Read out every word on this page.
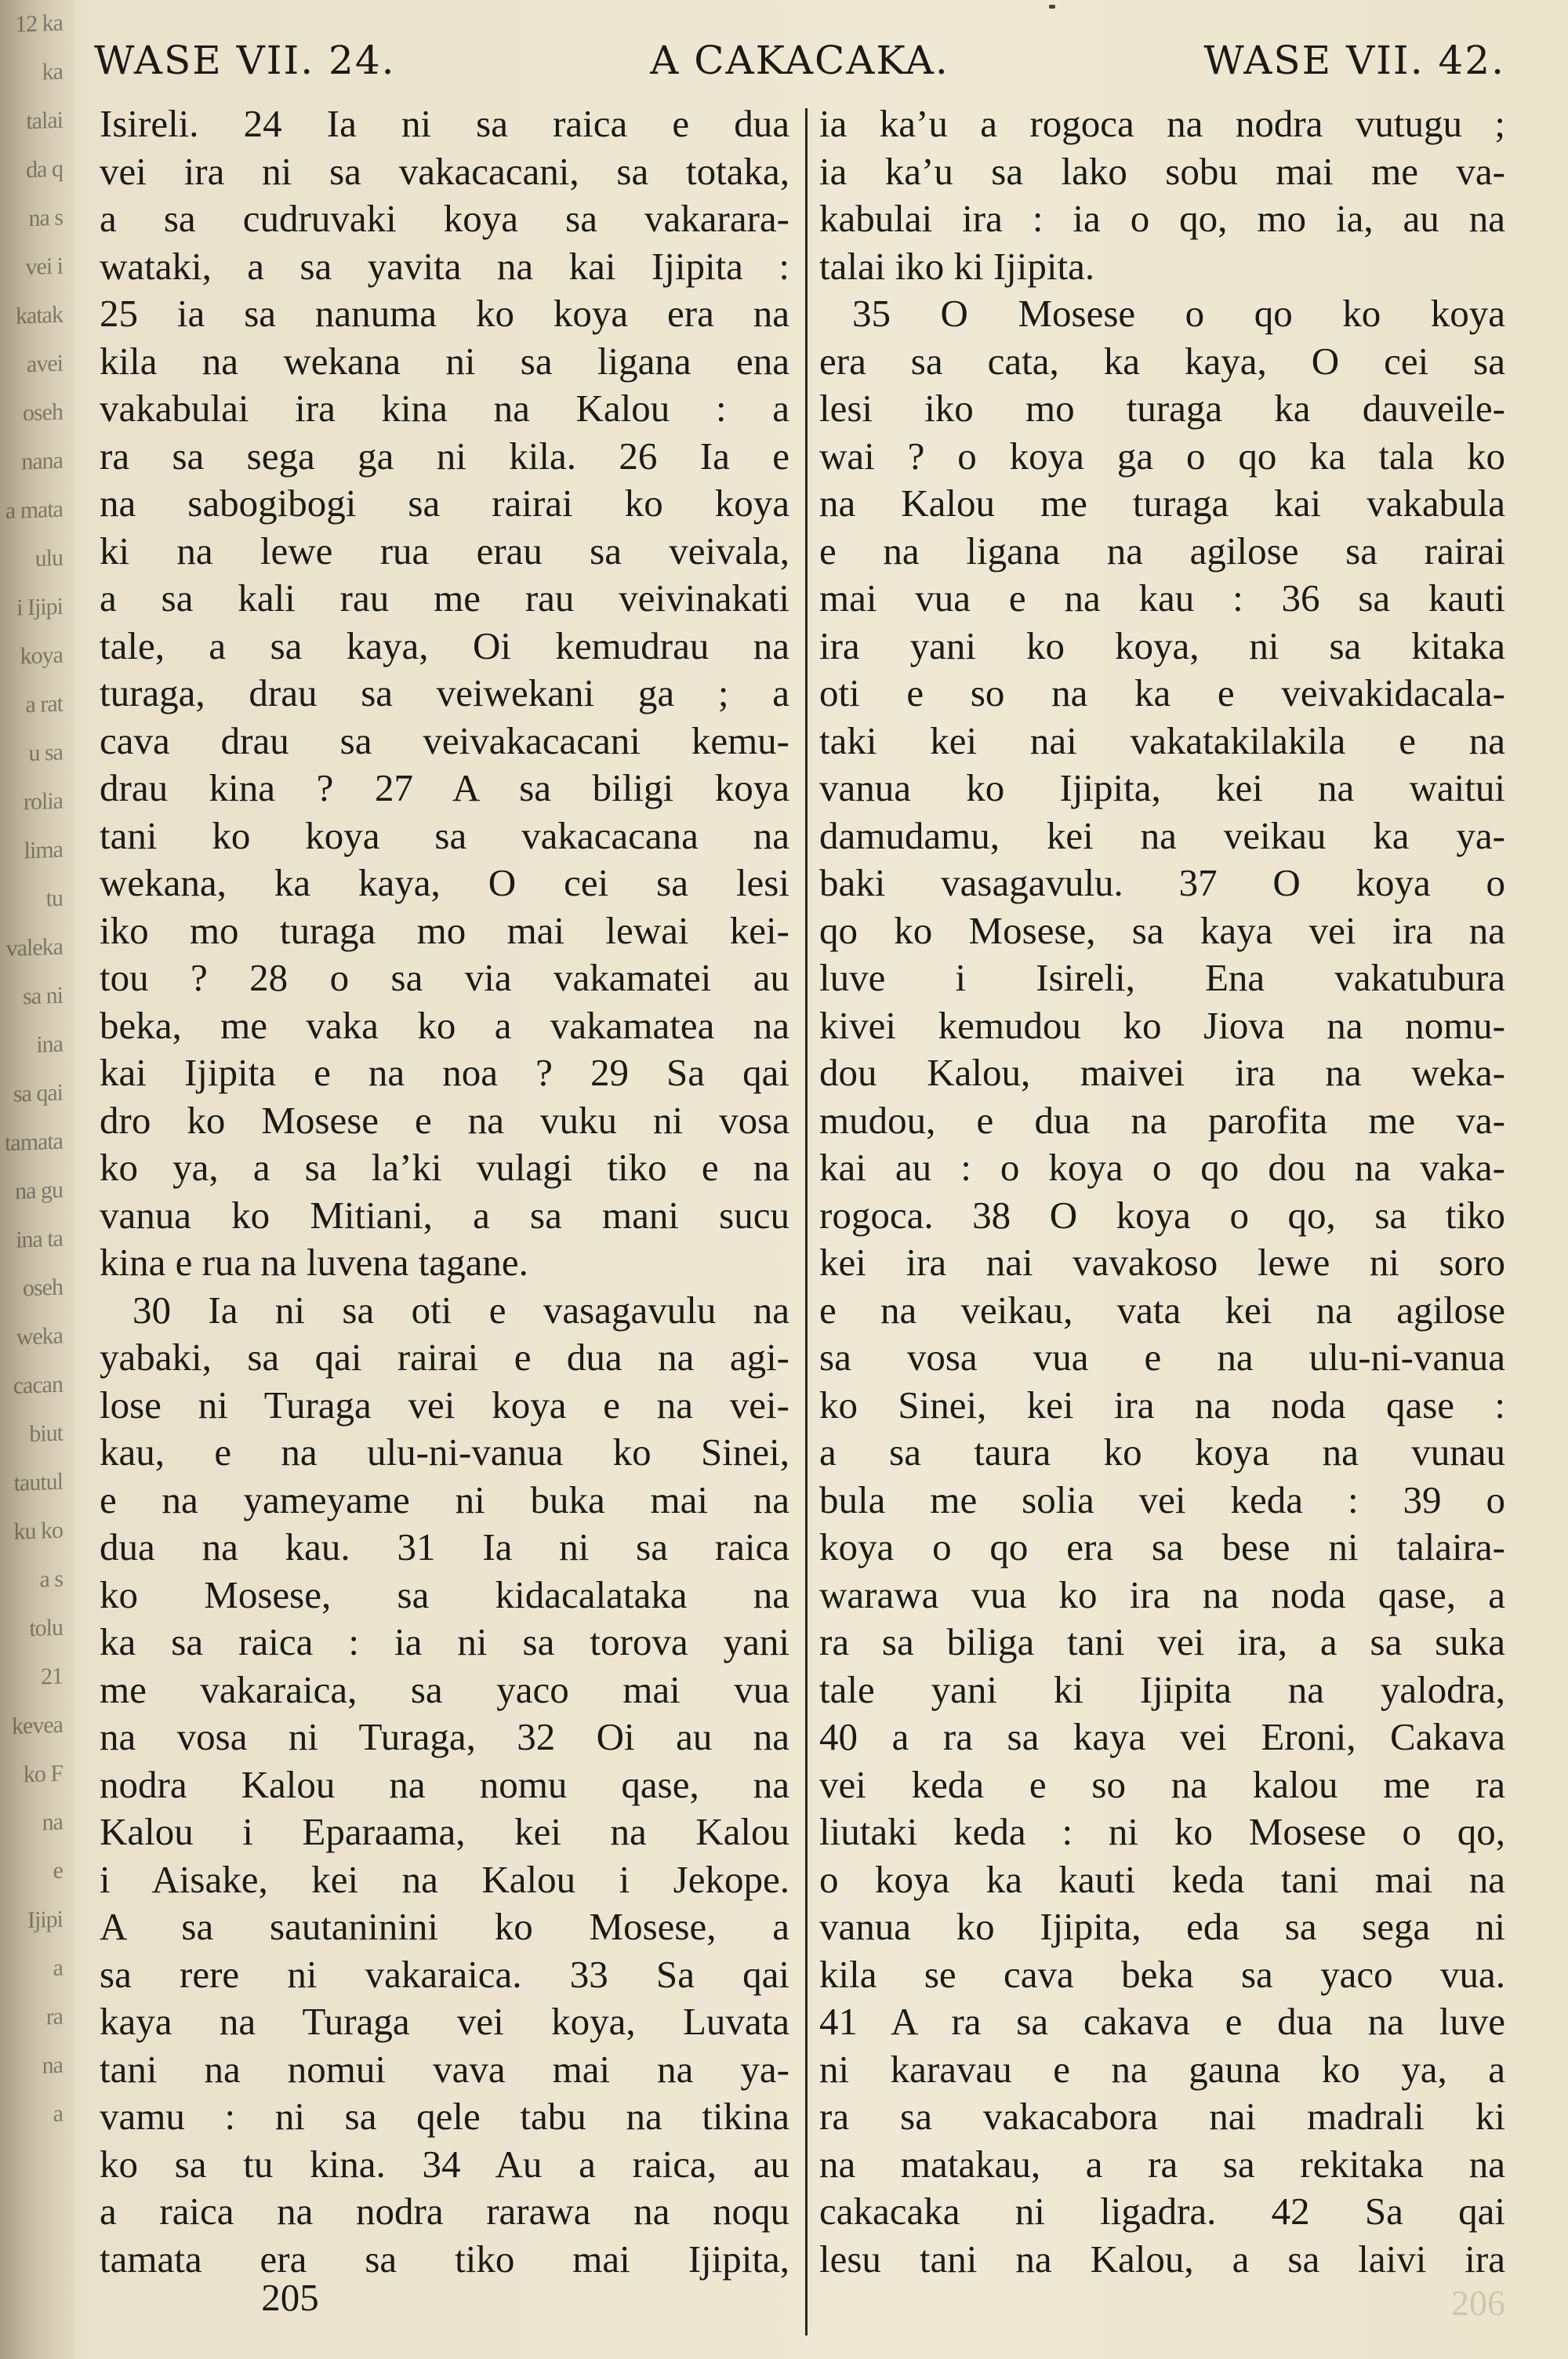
12 ka
ka
talai
da q
na s
vei i
katak
avei
oseh
nana
a mata
ulu
i Ijipi
koya
a rat
u sa
rolia
lima
tu
valeka
sa ni
ina
sa qai
tamata
na gu
ina ta
oseh
weka
cacan
biut
tautul
ku ko
a s
tolu
21
kevea
ko F
na
e
Ijipi
a
ra
na
a
WASE VII. 24.	A CAKACAKA.	WASE VII. 42.
Isireli. 24 Ia ni sa raica e dua
vei ira ni sa vakacacani, sa totaka,
a sa cudruvaki koya sa vakarara-
wataki, a sa yavita na kai Ijipita :
25 ia sa nanuma ko koya era na
kila na wekana ni sa ligana ena
vakabulai ira kina na Kalou : a
ra sa sega ga ni kila. 26 Ia e
na sabogibogi sa rairai ko koya
ki na lewe rua erau sa veivala,
a sa kali rau me rau veivinakati
tale, a sa kaya, Oi kemudrau na
turaga, drau sa veiwekani ga ; a
cava drau sa veivakacacani kemu-
drau kina ? 27 A sa biligi koya
tani ko koya sa vakacacana na
wekana, ka kaya, O cei sa lesi
iko mo turaga mo mai lewai kei-
tou ? 28 o sa via vakamatei au
beka, me vaka ko a vakamatea na
kai Ijipita e na noa ? 29 Sa qai
dro ko Mosese e na vuku ni vosa
ko ya, a sa la’ki vulagi tiko e na
vanua ko Mitiani, a sa mani sucu
kina e rua na luvena tagane.
30 Ia ni sa oti e vasagavulu na
yabaki, sa qai rairai e dua na agi-
lose ni Turaga vei koya e na vei-
kau, e na ulu-ni-vanua ko Sinei,
e na yameyame ni buka mai na
dua na kau. 31 Ia ni sa raica
ko Mosese, sa kidacalataka na
ka sa raica : ia ni sa torova yani
me vakaraica, sa yaco mai vua
na vosa ni Turaga, 32 Oi au na
nodra Kalou na nomu qase, na
Kalou i Eparaama, kei na Kalou
i Aisake, kei na Kalou i Jekope.
A sa sautaninini ko Mosese, a
sa rere ni vakaraica. 33 Sa qai
kaya na Turaga vei koya, Luvata
tani na nomui vava mai na ya-
vamu : ni sa qele tabu na tikina
ko sa tu kina. 34 Au a raica, au
a raica na nodra rarawa na noqu
tamata era sa tiko mai Ijipita,
ia ka’u a rogoca na nodra vutugu ;
ia ka’u sa lako sobu mai me va-
kabulai ira : ia o qo, mo ia, au na
talai iko ki Ijipita.
35 O Mosese o qo ko koya
era sa cata, ka kaya, O cei sa
lesi iko mo turaga ka dauveile-
wai ? o koya ga o qo ka tala ko
na Kalou me turaga kai vakabula
e na ligana na agilose sa rairai
mai vua e na kau : 36 sa kauti
ira yani ko koya, ni sa kitaka
oti e so na ka e veivakidacala-
taki kei nai vakatakilakila e na
vanua ko Ijipita, kei na waitui
damudamu, kei na veikau ka ya-
baki vasagavulu. 37 O koya o
qo ko Mosese, sa kaya vei ira na
luve i Isireli, Ena vakatubura
kivei kemudou ko Jiova na nomu-
dou Kalou, maivei ira na weka-
mudou, e dua na parofita me va-
kai au : o koya o qo dou na vaka-
rogoca. 38 O koya o qo, sa tiko
kei ira nai vavakoso lewe ni soro
e na veikau, vata kei na agilose
sa vosa vua e na ulu-ni-vanua
ko Sinei, kei ira na noda qase :
a sa taura ko koya na vunau
bula me solia vei keda : 39 o
koya o qo era sa bese ni talaira-
warawa vua ko ira na noda qase, a
ra sa biliga tani vei ira, a sa suka
tale yani ki Ijipita na yalodra,
40 a ra sa kaya vei Eroni, Cakava
vei keda e so na kalou me ra
liutaki keda : ni ko Mosese o qo,
o koya ka kauti keda tani mai na
vanua ko Ijipita, eda sa sega ni
kila se cava beka sa yaco vua.
41 A ra sa cakava e dua na luve
ni karavau e na gauna ko ya, a
ra sa vakacabora nai madrali ki
na matakau, a ra sa rekitaka na
cakacaka ni ligadra. 42 Sa qai
lesu tani na Kalou, a sa laivi ira
205	206
